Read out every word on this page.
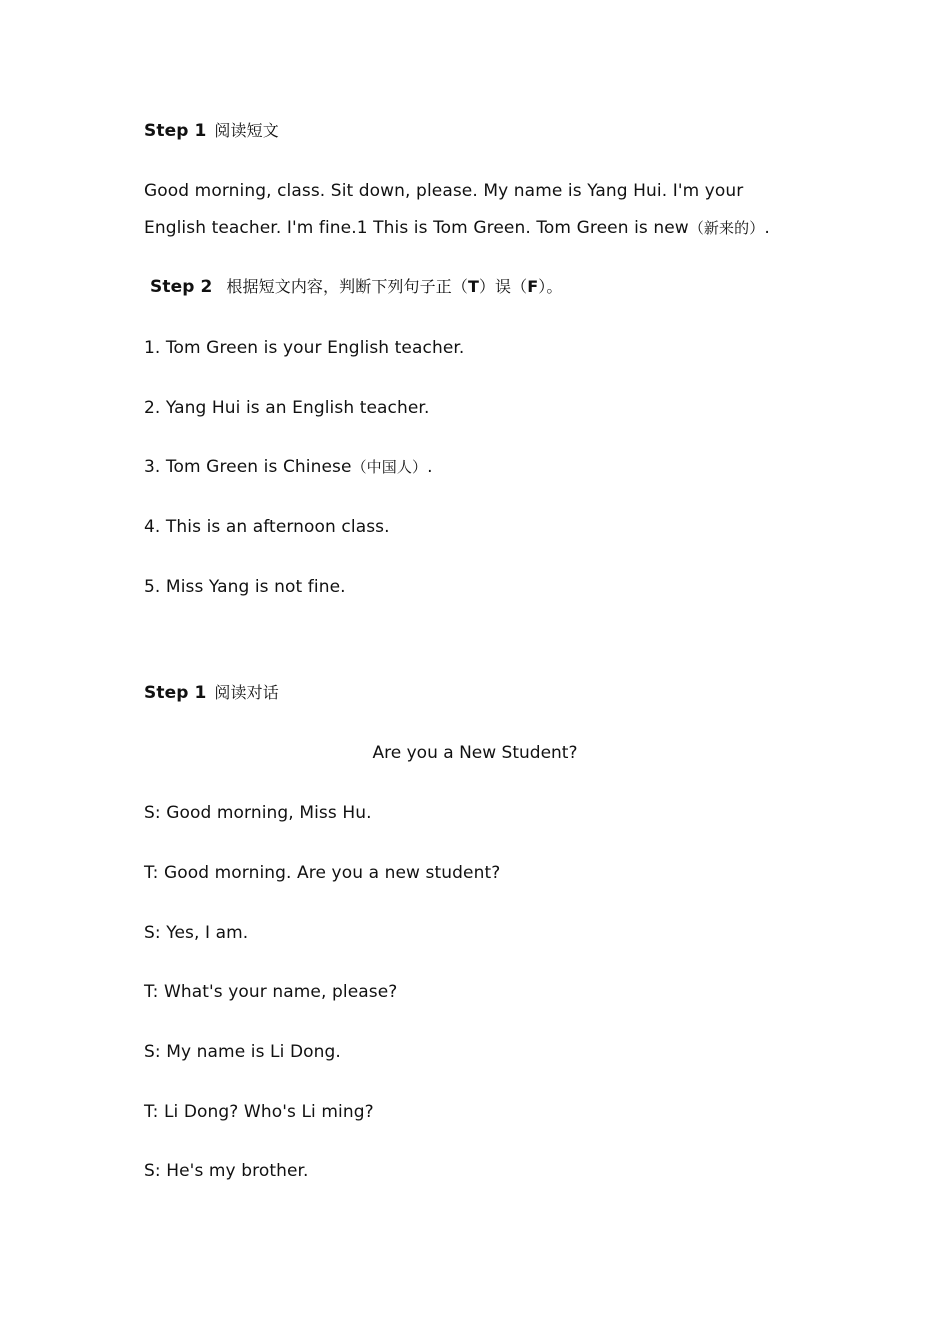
Step 1 阅读短文
Good morning, class. Sit down, please. My name is Yang Hui. I'm your
English teacher. I'm fine.1 This is Tom Green. Tom Green is new（新来的）.
Step 2 根据短文内容，判断下列句子正（T）误（F）。
1. Tom Green is your English teacher.
2. Yang Hui is an English teacher.
3. Tom Green is Chinese（中国人）.
4. This is an afternoon class.
5. Miss Yang is not fine.
Step 1 阅读对话
Are you a New Student?
S: Good morning, Miss Hu.
T: Good morning. Are you a new student?
S: Yes, I am.
T: What's your name, please?
S: My name is Li Dong.
T: Li Dong? Who's Li ming?
S: He's my brother.
